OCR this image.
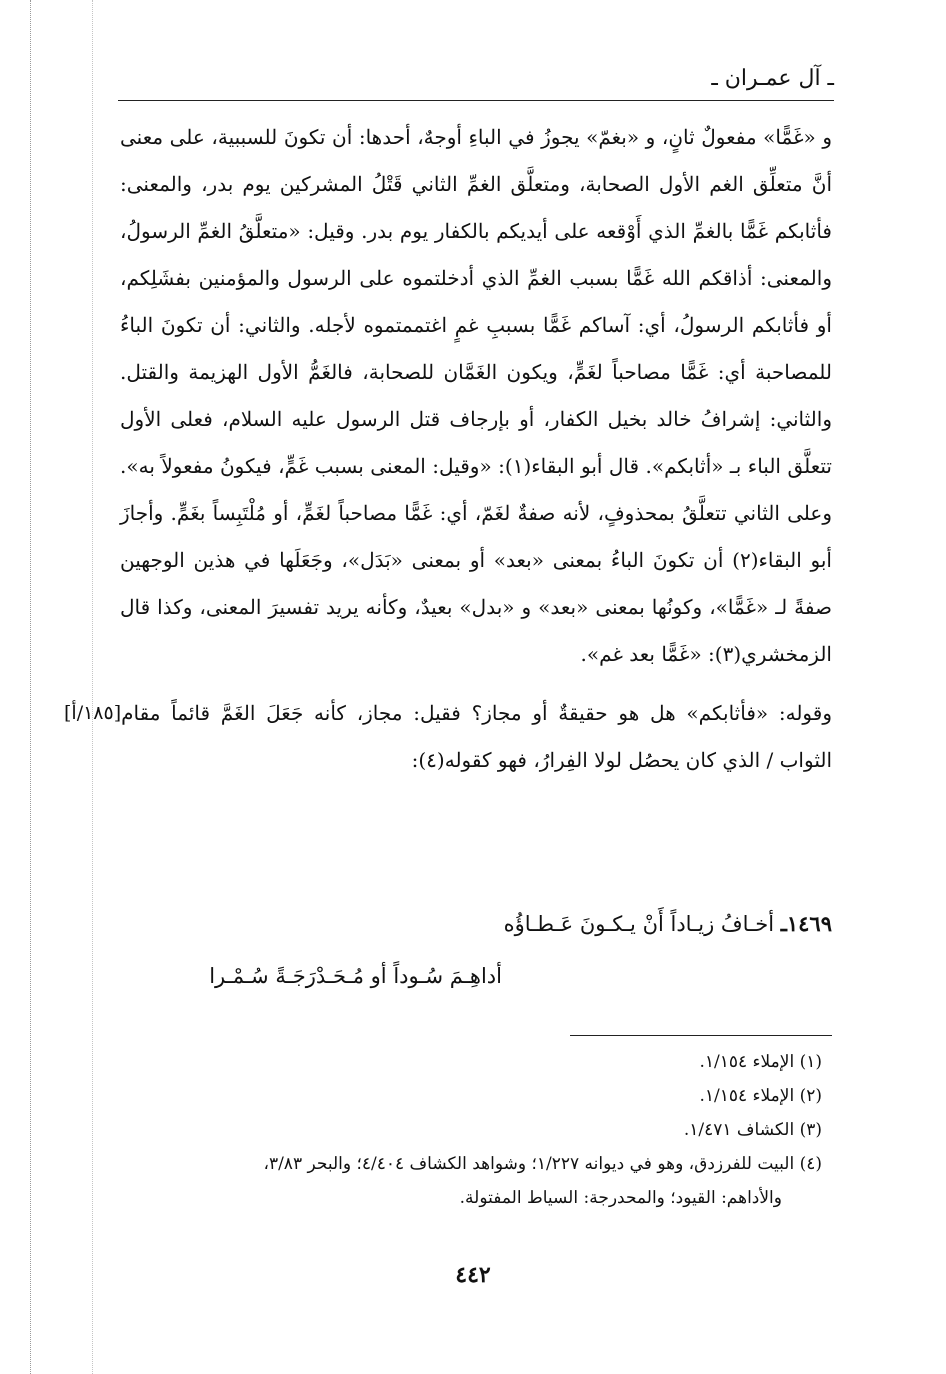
ـ آل عمـران ـ

و «غَمًّا» مفعولٌ ثانٍ، و «بغمّ» يجوزُ في الباءِ أوجهٌ، أحدها: أن تكونَ للسببية، على معنى أنَّ متعلِّق الغم الأول الصحابة، ومتعلَّق الغمِّ الثاني قَتْلُ المشركين يوم بدر، والمعنى: فأثابكم غَمًّا بالغمِّ الذي أَوْقعه على أيديكم بالكفار يوم بدر. وقيل: «متعلَّقُ الغمِّ الرسولُ، والمعنى: أذاقكم الله غَمًّا بسبب الغمِّ الذي أدخلتموه على الرسول والمؤمنين بفشَلِكم، أو فأثابكم الرسولُ، أي: آساكم غَمًّا بسببِ غمٍ اغتممتموه لأجله. والثاني: أن تكونَ الباءُ للمصاحبة أي: غَمًّا مصاحباً لغَمٍّ، ويكون الغَمَّان للصحابة، فالغَمُّ الأول الهزيمة والقتل. والثاني: إشرافُ خالد بخيل الكفار، أو بإرجاف قتل الرسول عليه السلام، فعلى الأول تتعلَّق الباء بـ «أثابكم». قال أبو البقاء(١): «وقيل: المعنى بسبب غَمٍّ، فيكونُ مفعولاً به». وعلى الثاني تتعلَّقُ بمحذوفٍ، لأنه صفةٌ لغَمّ، أي: غَمًّا مصاحباً لغَمٍّ، أو مُلْتَبِساً بغَمٍّ. وأجازَ أبو البقاء(٢) أن تكونَ الباءُ بمعنى «بعد» أو بمعنى «بَدَل»، وجَعَلَها في هذين الوجهين صفةً لـ «غَمًّا»، وكونُها بمعنى «بعد» و «بدل» بعيدٌ، وكأنه يريد تفسيرَ المعنى، وكذا قال الزمخشري(٣): «غَمًّا بعد غم».

[١٨٥/أ] وقوله: «فأثابكم» هل هو حقيقةٌ أو مجاز؟ فقيل: مجاز، كأنه جَعَلَ الغَمَّ قائماً مقام الثواب / الذي كان يحصُل لولا الفِرارُ، فهو كقوله(٤):

١٤٦٩ـ أخـافُ زيـاداً أَنْ يـكـونَ عَـطـاؤُه
أداهِـمَ سُـوداً أو مُـحَـدْرَجَـةً سُـمْـرا
(١) الإملاء ١/١٥٤.
(٢) الإملاء ١/١٥٤.
(٣) الكشاف ١/٤٧١.
(٤) البيت للفرزدق، وهو في ديوانه ١/٢٢٧؛ وشواهد الكشاف ٤/٤٠٤؛ والبحر ٣/٨٣،
والأداهم: القيود؛ والمحدرجة: السياط المفتولة.
٤٤٢
